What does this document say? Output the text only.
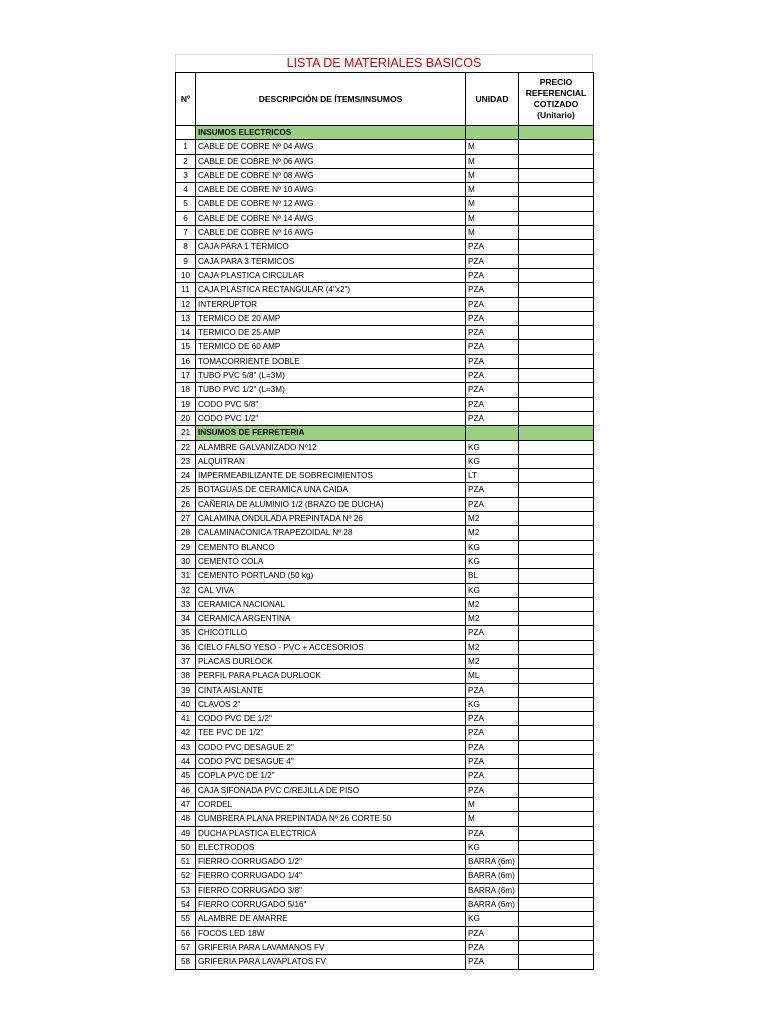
LISTA DE MATERIALES BASICOS
Nº	DESCRIPCIÓN DE ÍTEMS/INSUMOS	UNIDAD	PRECIO REFERENCIAL COTIZADO (Unitario)
	INSUMOS ELECTRICOS		
1	CABLE DE COBRE Nº 04 AWG	M	
2	CABLE DE COBRE Nº 06 AWG	M	
3	CABLE DE COBRE Nº 08 AWG	M	
4	CABLE DE COBRE Nº 10 AWG	M	
5	CABLE DE COBRE Nº 12 AWG	M	
6	CABLE DE COBRE Nº 14 AWG	M	
7	CABLE DE COBRE Nº 16 AWG	M	
8	CAJA PARA 1 TERMICO	PZA	
9	CAJA PARA 3 TERMICOS	PZA	
10	CAJA PLASTICA CIRCULAR	PZA	
11	CAJA PLASTICA RECTANGULAR (4"x2")	PZA	
12	INTERRUPTOR	PZA	
13	TERMICO DE 20 AMP	PZA	
14	TERMICO DE 25 AMP	PZA	
15	TERMICO DE 60 AMP	PZA	
16	TOMACORRIENTE DOBLE	PZA	
17	TUBO PVC 5/8" (L=3M)	PZA	
18	TUBO PVC 1/2" (L=3M)	PZA	
19	CODO PVC 5/8"	PZA	
20	CODO PVC 1/2"	PZA	
21	INSUMOS DE FERRETERIA		
22	ALAMBRE GALVANIZADO Nº12	KG	
23	ALQUITRAN	KG	
24	IMPERMEABILIZANTE DE SOBRECIMIENTOS	LT	
25	BOTAGUAS DE CERAMICA UNA CAIDA	PZA	
26	CAÑERIA DE ALUMINIO 1/2 (BRAZO DE DUCHA)	PZA	
27	CALAMINA ONDULADA PREPINTADA Nº 26	M2	
28	CALAMINACONICA TRAPEZOIDAL Nº 28	M2	
29	CEMENTO BLANCO	KG	
30	CEMENTO COLA	KG	
31	CEMENTO PORTLAND (50 kg)	BL	
32	CAL VIVA	KG	
33	CERAMICA NACIONAL	M2	
34	CERAMICA ARGENTINA	M2	
35	CHICOTILLO	PZA	
36	CIELO FALSO YESO - PVC + ACCESORIOS	M2	
37	PLACAS DURLOCK	M2	
38	PERFIL PARA PLACA DURLOCK	ML	
39	CINTA AISLANTE	PZA	
40	CLAVOS 2"	KG	
41	CODO PVC DE 1/2"	PZA	
42	TEE PVC DE 1/2"	PZA	
43	CODO PVC DESAGUE 2"	PZA	
44	CODO PVC DESAGUE 4"	PZA	
45	COPLA PVC DE 1/2"	PZA	
46	CAJA SIFONADA PVC C/REJILLA DE PISO	PZA	
47	CORDEL	M	
48	CUMBRERA PLANA PREPINTADA Nº 26 CORTE 50	M	
49	DUCHA PLASTICA ELECTRICA	PZA	
50	ELECTRODOS	KG	
51	FIERRO CORRUGADO 1/2"	BARRA (6m)	
52	FIERRO CORRUGADO 1/4"	BARRA (6m)	
53	FIERRO CORRUGADO 3/8"	BARRA (6m)	
54	FIERRO CORRUGADO 5/16"	BARRA (6m)	
55	ALAMBRE DE AMARRE	KG	
56	FOCOS LED 18W	PZA	
57	GRIFERIA PARA LAVAMANOS FV	PZA	
58	GRIFERIA PARA LAVAPLATOS FV	PZA	
